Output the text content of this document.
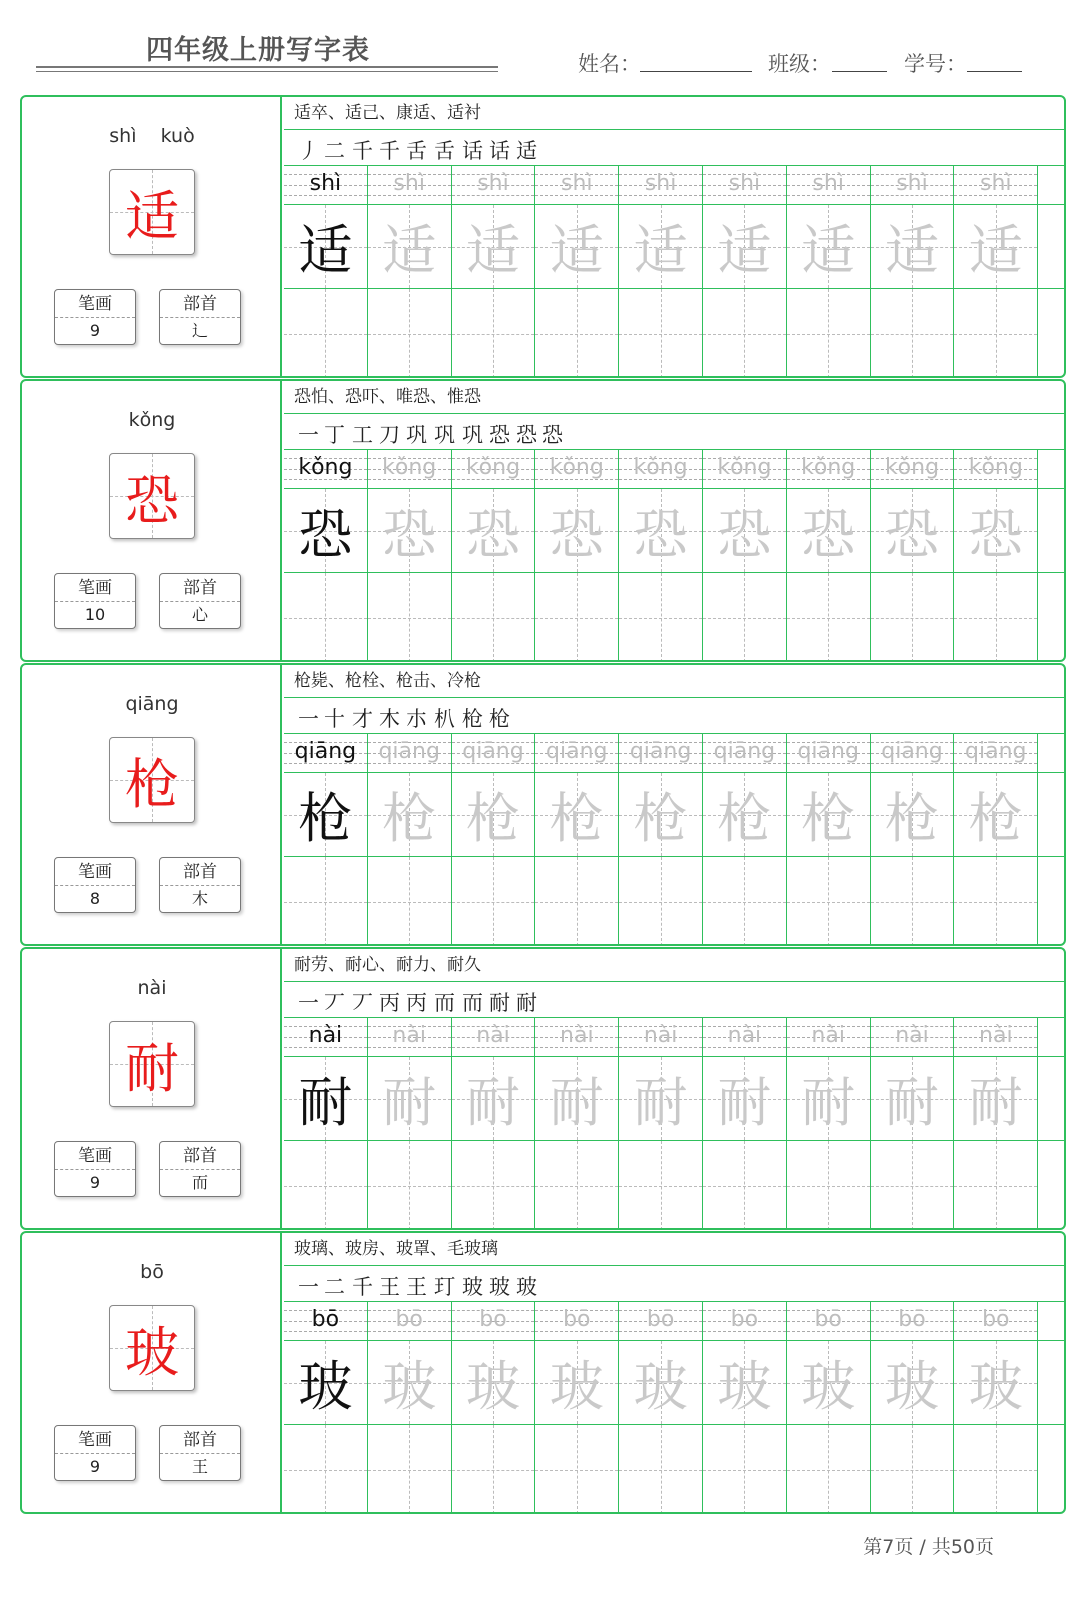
四年级上册写字表	姓名：	班级：	学号：
shì    kuò
适
笔画
9
部首
辶
适卒、适己、康适、适衬
丿 二 千 千 舌 舌 话 话 适
shì	shì	shì	shì	shì	shì	shì	shì	shì
适 适 适 适 适 适 适 适 适
kǒng
恐
笔画
10
部首
心
恐怕、恐吓、唯恐、惟恐
一 丁 工 刀 巩 巩 巩 恐 恐 恐
kǒng	kǒng	kǒng	kǒng	kǒng	kǒng	kǒng	kǒng	kǒng
恐 恐 恐 恐 恐 恐 恐 恐 恐
qiāng
枪
笔画
8
部首
木
枪毙、枪栓、枪击、冷枪
一 十 才 木 朩 朳 枪 枪
qiāng	qiāng	qiāng	qiāng	qiāng	qiāng	qiāng	qiāng	qiāng
枪 枪 枪 枪 枪 枪 枪 枪 枪
nài
耐
笔画
9
部首
而
耐劳、耐心、耐力、耐久
一 丆 丆 丙 丙 而 而 耐 耐
nài	nài	nài	nài	nài	nài	nài	nài	nài
耐 耐 耐 耐 耐 耐 耐 耐 耐
bō
玻
笔画
9
部首
王
玻璃、玻房、玻罩、毛玻璃
一 二 千 王 王 玎 玻 玻 玻
bō	bō	bō	bō	bō	bō	bō	bō	bō
玻 玻 玻 玻 玻 玻 玻 玻 玻
第7页 / 共50页
